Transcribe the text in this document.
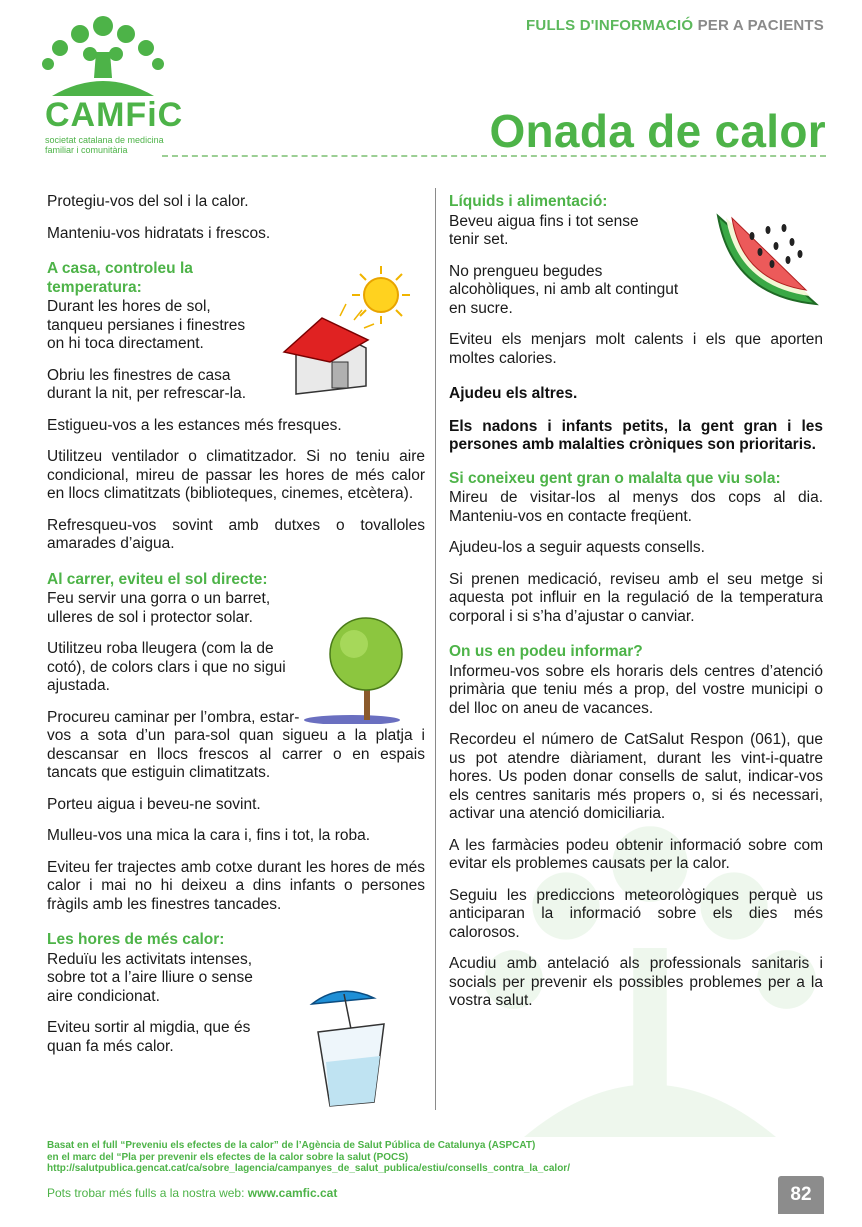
FULLS D'INFORMACIÓ PER A PACIENTS
Onada de calor
CAMFiC
societat catalana de medicina
familiar i comunitària

Protegiu-vos del sol i la calor.

Manteniu-vos hidratats i frescos.

A casa, controleu la
temperatura:

Durant les hores de sol,
tanqueu persianes i finestres
on hi toca directament.

Obriu les finestres de casa
durant la nit, per refrescar-la.

Estigueu-vos a les estances més fresques.

Utilitzeu ventilador o climatitzador. Si no teniu aire condicional, mireu de passar les hores de més calor en llocs climatitzats (biblioteques, cinemes, etcètera).

Refresqueu-vos sovint amb dutxes o tovalloles amarades d’aigua.

Al carrer, eviteu el sol directe:

Feu servir una gorra o un barret,
ulleres de sol i protector solar.

Utilitzeu roba lleugera (com la de
cotó), de colors clars i que no sigui
ajustada.

Procureu caminar per l’ombra, estar-
vos a sota d’un para-sol quan sigueu a la platja i descansar en llocs frescos al carrer o en espais tancats que estiguin climatitzats.

Porteu aigua i beveu-ne sovint.

Mulleu-vos una mica la cara i, fins i tot, la roba.

Eviteu fer trajectes amb cotxe durant les hores de més calor i mai no hi deixeu a dins infants o persones fràgils amb les finestres tancades.

Les hores de més calor:

Reduïu les activitats intenses,
sobre tot a l’aire lliure o sense
aire condicionat.

Eviteu sortir al migdia, que és
quan fa més calor.

Líquids i alimentació:

Beveu aigua fins i tot sense
tenir set.

No prengueu begudes
alcohòliques, ni amb alt contingut
en sucre.

Eviteu els menjars molt calents i els que aporten moltes calories.

Ajudeu els altres.
Els nadons i infants petits, la gent gran i les persones amb malalties cròniques son prioritaris.
Si coneixeu gent gran o malalta que viu sola:

Mireu de visitar-los al menys dos cops al dia. Manteniu-vos en contacte freqüent.

Ajudeu-los a seguir aquests consells.

Si prenen medicació, reviseu amb el seu metge si aquesta pot influir en la regulació de la temperatura corporal i si s’ha d’ajustar o canviar.

On us en podeu informar?

Informeu-vos sobre els horaris dels centres d’atenció primària que teniu més a prop, del vostre municipi o del lloc on aneu de vacances.

Recordeu el número de CatSalut Respon (061), que us pot atendre diàriament, durant les vint-i-quatre hores. Us poden donar consells de salut, indicar-vos els centres sanitaris més propers o, si és necessari, activar una atenció domiciliaria.

A les farmàcies podeu obtenir informació sobre com evitar els problemes causats per la calor.

Seguiu les prediccions meteorològiques perquè us anticiparan la informació sobre els dies més calorosos.

Acudiu amb antelació als professionals sanitaris i socials per prevenir els possibles problemes per a la vostra salut.

Basat en el full “Preveniu els efectes de la calor” de l’Agència de Salut Pública de Catalunya (ASPCAT)
en el marc del “Pla per prevenir els efectes de la calor sobre la salut (POCS)
http://salutpublica.gencat.cat/ca/sobre_lagencia/campanyes_de_salut_publica/estiu/consells_contra_la_calor/
Pots trobar més fulls a la nostra web: www.camfic.cat	82
